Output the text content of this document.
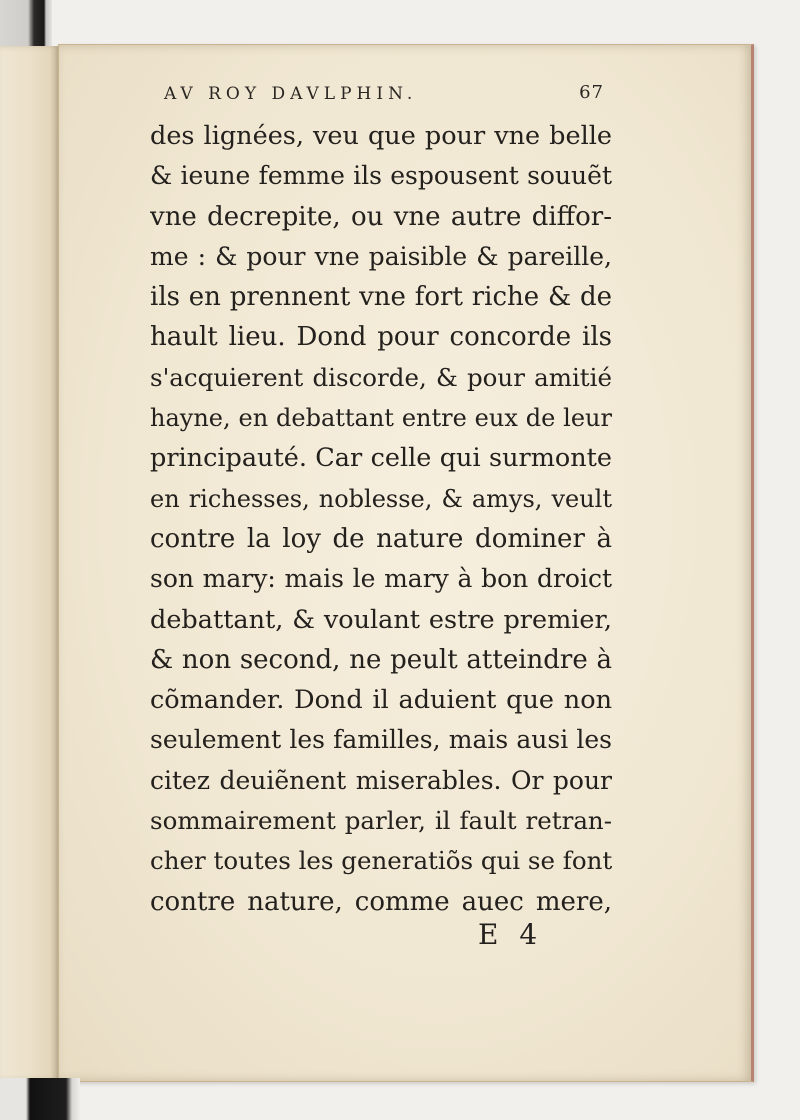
AV ROY DAVLPHIN.	67
des lignées, veu que pour vne belle
& ieune femme ils espousent souuẽt
vne decrepite, ou vne autre diffor-
me : & pour vne paisible & pareille,
ils en prennent vne fort riche & de
hault lieu. Dond pour concorde ils
s'acquierent discorde, & pour amitié
hayne, en debattant entre eux de leur
principauté. Car celle qui surmonte
en richesses, noblesse, & amys, veult
contre la loy de nature dominer à
son mary: mais le mary à bon droict
debattant, & voulant estre premier,
& non second, ne peult atteindre à
cõmander. Dond il aduient que non
seulement les familles, mais ausi les
citez deuiẽnent miserables. Or pour
sommairement parler, il fault retran-
cher toutes les generatiõs qui se font
contre nature, comme auec mere,
E 4
